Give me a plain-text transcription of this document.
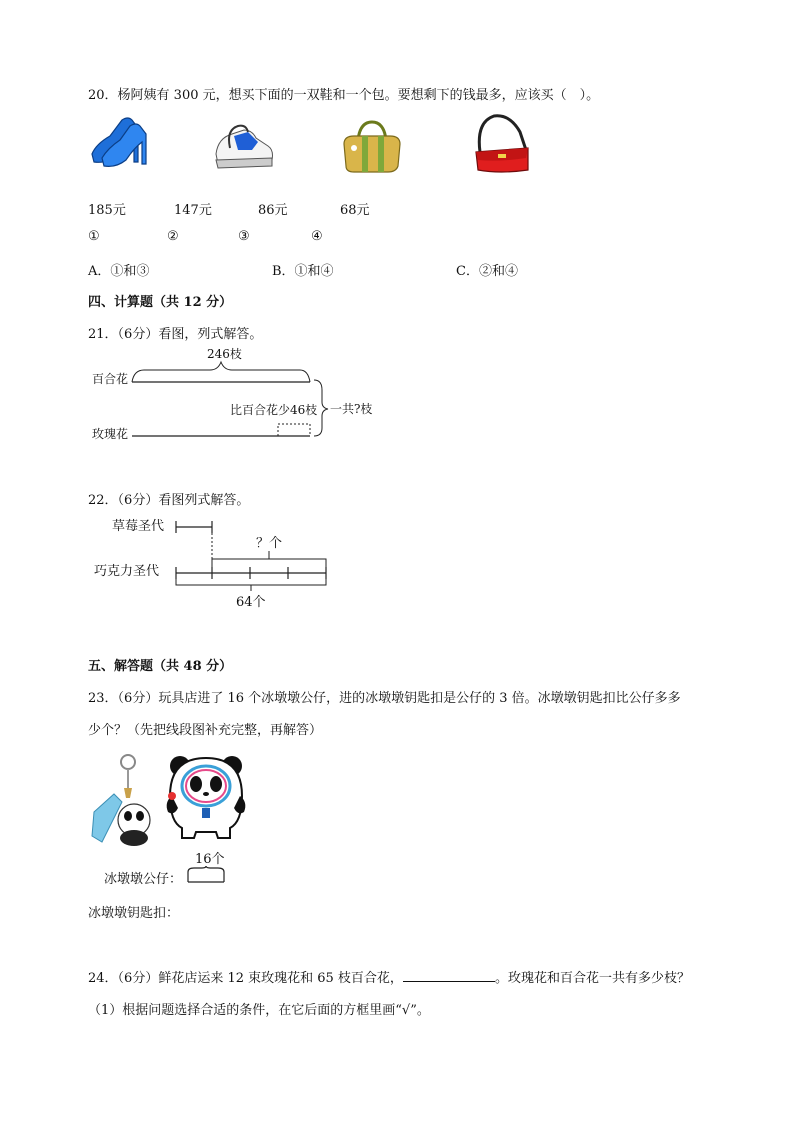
20．杨阿姨有 300 元，想买下面的一双鞋和一个包。要想剩下的钱最多，应该买（　）。
185元	147元	86元	68元
①	②	③	④
A．①和③	B．①和④	C．②和④
四、计算题（共 12 分）
21．（6分）看图，列式解答。
百合花
玫瑰花
246枝
比百合花少46枝 一共?枝
22．（6分）看图列式解答。
草莓圣代
巧克力圣代
？个
64个
五、解答题（共 48 分）
23．（6分）玩具店进了 16 个冰墩墩公仔，进的冰墩墩钥匙扣是公仔的 3 倍。冰墩墩钥匙扣比公仔多多
少个？（先把线段图补充完整，再解答）
16个
冰墩墩公仔：
冰墩墩钥匙扣：
24．（6分）鲜花店运来 12 束玫瑰花和 65 枝百合花，	。玫瑰花和百合花一共有多少枝？
（1）根据问题选择合适的条件，在它后面的方框里画“√”。
